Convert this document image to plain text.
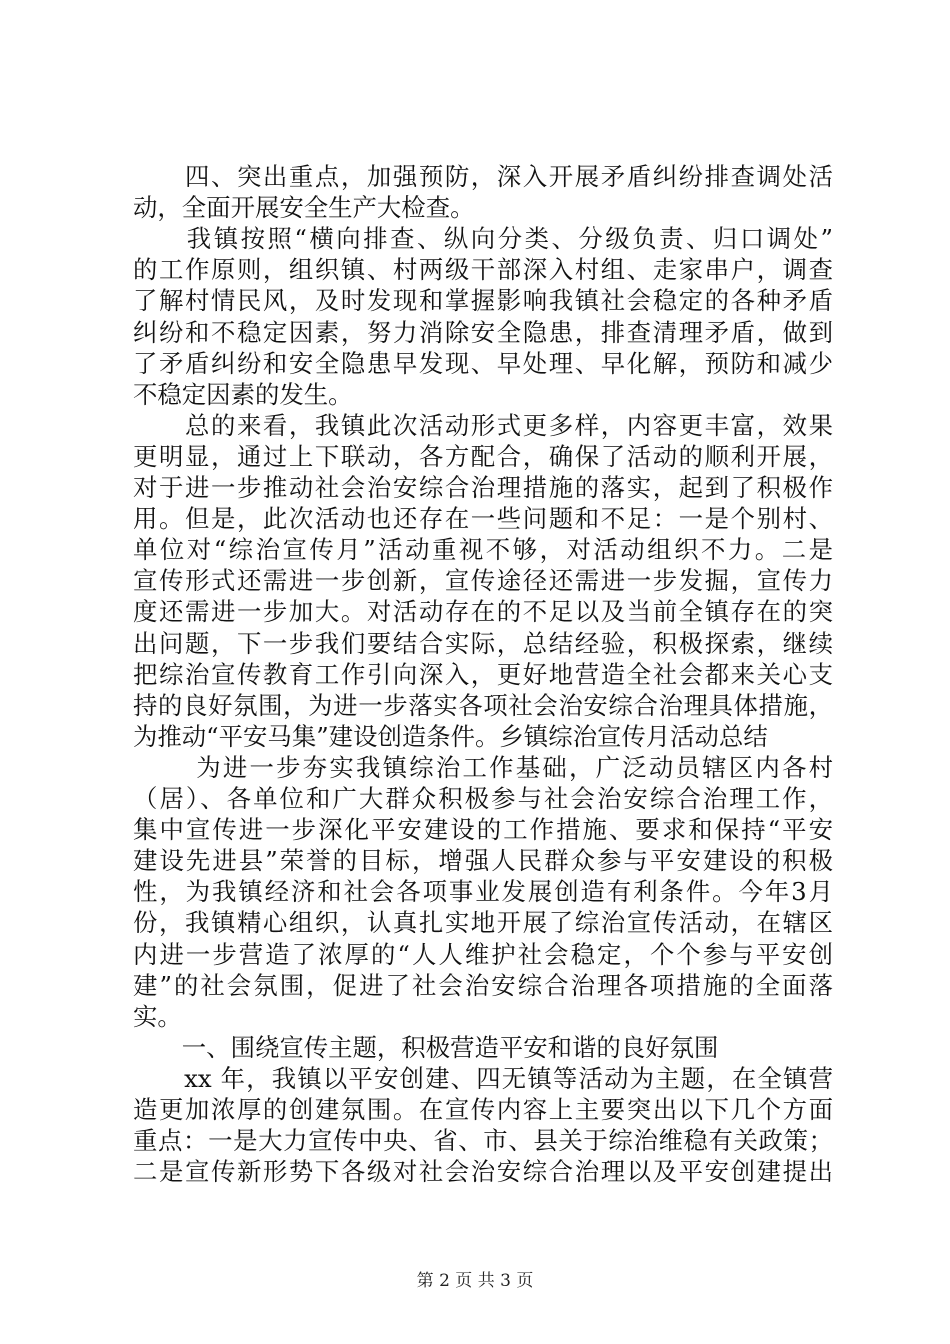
　　四、突出重点，加强预防，深入开展矛盾纠纷排查调处活
动，全面开展安全生产大检查。
　　我镇按照“横向排查、纵向分类、分级负责、归口调处”
的工作原则，组织镇、村两级干部深入村组、走家串户，调查
了解村情民风，及时发现和掌握影响我镇社会稳定的各种矛盾
纠纷和不稳定因素，努力消除安全隐患，排查清理矛盾，做到
了矛盾纠纷和安全隐患早发现、早处理、早化解，预防和减少
不稳定因素的发生。
　　总的来看，我镇此次活动形式更多样，内容更丰富，效果
更明显，通过上下联动，各方配合，确保了活动的顺利开展，
对于进一步推动社会治安综合治理措施的落实，起到了积极作
用。但是，此次活动也还存在一些问题和不足：一是个别村、
单位对“综治宣传月”活动重视不够，对活动组织不力。二是
宣传形式还需进一步创新，宣传途径还需进一步发掘，宣传力
度还需进一步加大。对活动存在的不足以及当前全镇存在的突
出问题，下一步我们要结合实际，总结经验，积极探索，继续
把综治宣传教育工作引向深入，更好地营造全社会都来关心支
持的良好氛围，为进一步落实各项社会治安综合治理具体措施，
为推动“平安马集”建设创造条件。乡镇综治宣传月活动总结
　　 为进一步夯实我镇综治工作基础，广泛动员辖区内各村
（居）、各单位和广大群众积极参与社会治安综合治理工作，
集中宣传进一步深化平安建设的工作措施、要求和保持“平安
建设先进县”荣誉的目标，增强人民群众参与平安建设的积极
性，为我镇经济和社会各项事业发展创造有利条件。今年3月
份，我镇精心组织，认真扎实地开展了综治宣传活动，在辖区
内进一步营造了浓厚的“人人维护社会稳定，个个参与平安创
建”的社会氛围，促进了社会治安综合治理各项措施的全面落
实。
　　一、围绕宣传主题，积极营造平安和谐的良好氛围
　　xx 年，我镇以平安创建、四无镇等活动为主题，在全镇营
造更加浓厚的创建氛围。在宣传内容上主要突出以下几个方面
重点：一是大力宣传中央、省、市、县关于综治维稳有关政策；
二是宣传新形势下各级对社会治安综合治理以及平安创建提出
第 2 页 共 3 页
